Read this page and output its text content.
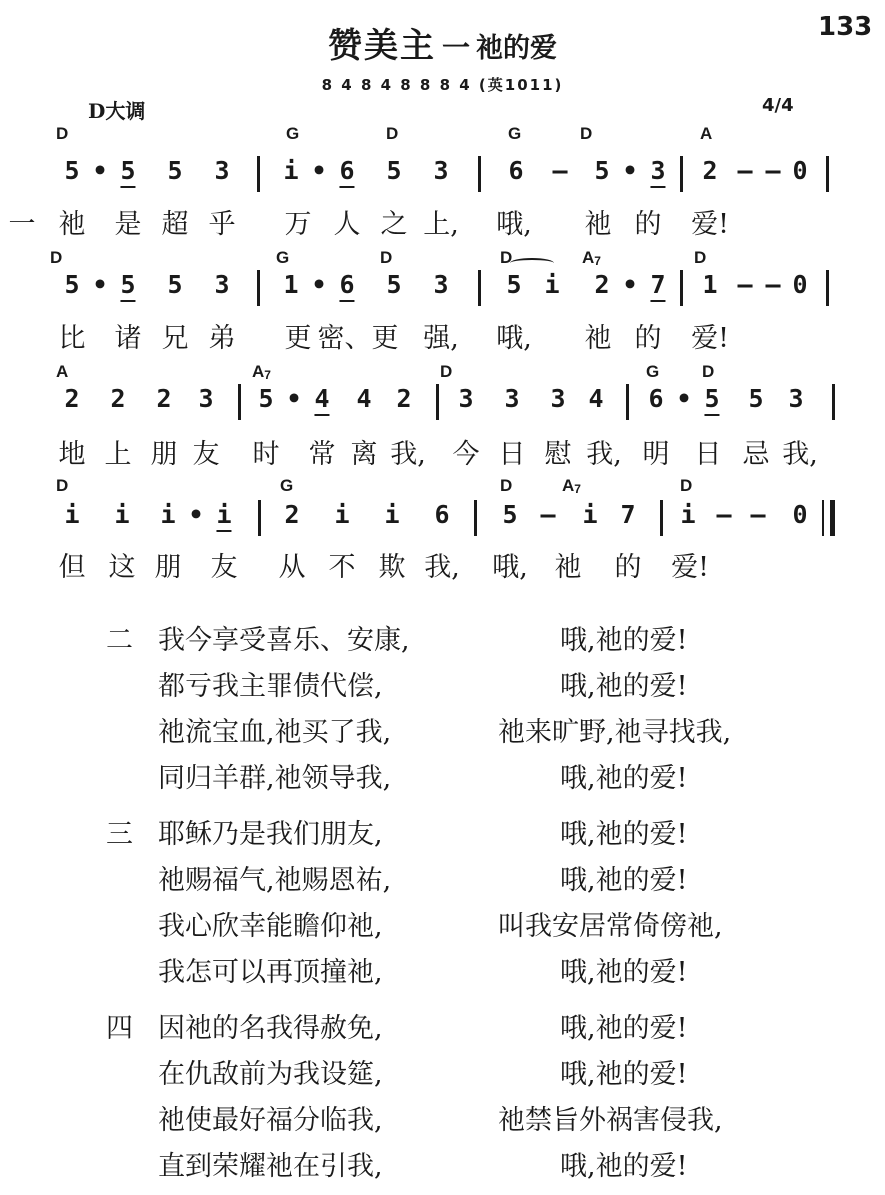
赞美主 一 祂的爱
133
8 4 8 4 8 8 8 4 (英1011)
D大调	4/4
D	G	D	G	D	A
5 • 5 5 3 i • 6 5 3 6 — 5 • 3 2 — — 0
一 祂 是 超 乎 万 人 之 上, 哦, 祂 的 爱!
D	G	D	D	A7	D
5 • 5 5 3 1 • 6 5 3 5 i 2 • 7 1 — — 0
比 诸 兄 弟 更 密、更 强, 哦, 祂 的 爱!
A	A7	D	G	D
2 2 2 3 5 • 4 4 2 3 3 3 4 6 • 5 5 3
地 上 朋 友 时 常 离 我, 今 日 慰 我, 明 日 忌 我,
D	G	D	A7	D
i i i • i 2 i i 6 5 — i 7 i — — 0
但 这 朋 友 从 不 欺 我, 哦, 祂 的 爱!
二 我今享受喜乐、安康,	哦,祂的爱!
都亏我主罪债代偿,	哦,祂的爱!
祂流宝血,祂买了我,	祂来旷野,祂寻找我,
同归羊群,祂领导我,	哦,祂的爱!
三 耶稣乃是我们朋友,	哦,祂的爱!
祂赐福气,祂赐恩祐,	哦,祂的爱!
我心欣幸能瞻仰祂,	叫我安居常倚傍祂,
我怎可以再顶撞祂,	哦,祂的爱!
四 因祂的名我得赦免,	哦,祂的爱!
在仇敌前为我设筵,	哦,祂的爱!
祂使最好福分临我,	祂禁旨外祸害侵我,
直到荣耀祂在引我,	哦,祂的爱!
